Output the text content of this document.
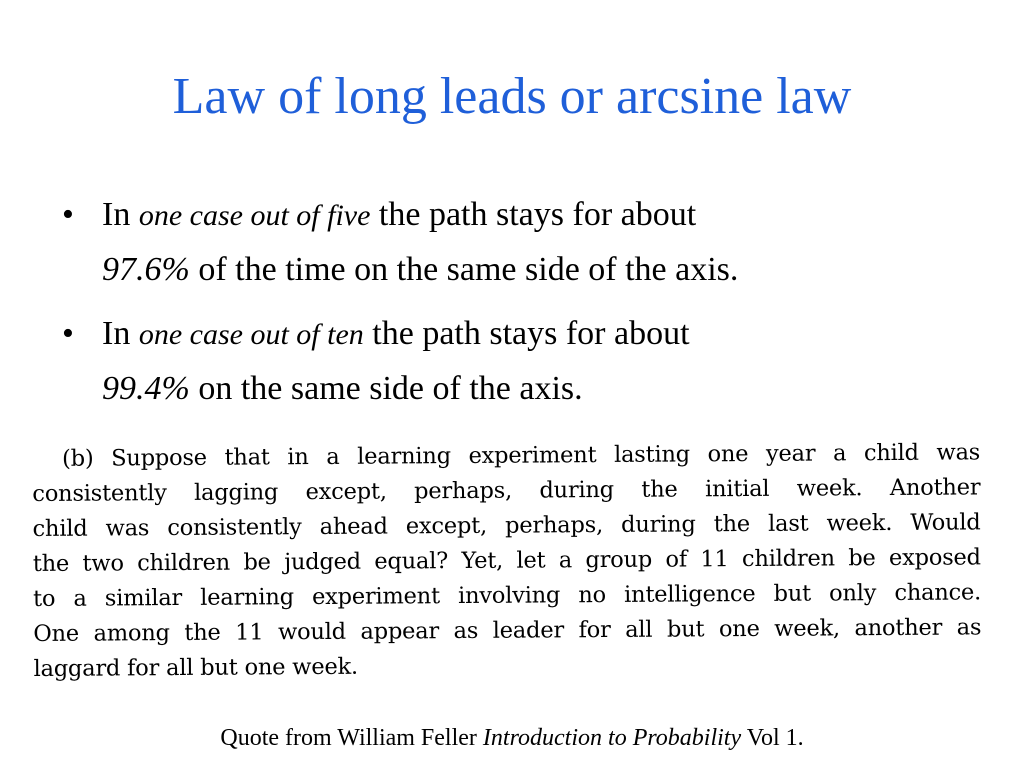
Law of long leads or arcsine law
• In one case out of five the path stays for about
97.6% of the time on the same side of the axis.
• In one case out of ten the path stays for about
99.4% on the same side of the axis.
(b) Suppose that in a learning experiment lasting one year a child was
consistently lagging except, perhaps, during the initial week. Another
child was consistently ahead except, perhaps, during the last week. Would
the two children be judged equal? Yet, let a group of 11 children be exposed
to a similar learning experiment involving no intelligence but only chance.
One among the 11 would appear as leader for all but one week, another as
laggard for all but one week.
Quote from William Feller Introduction to Probability Vol 1.
